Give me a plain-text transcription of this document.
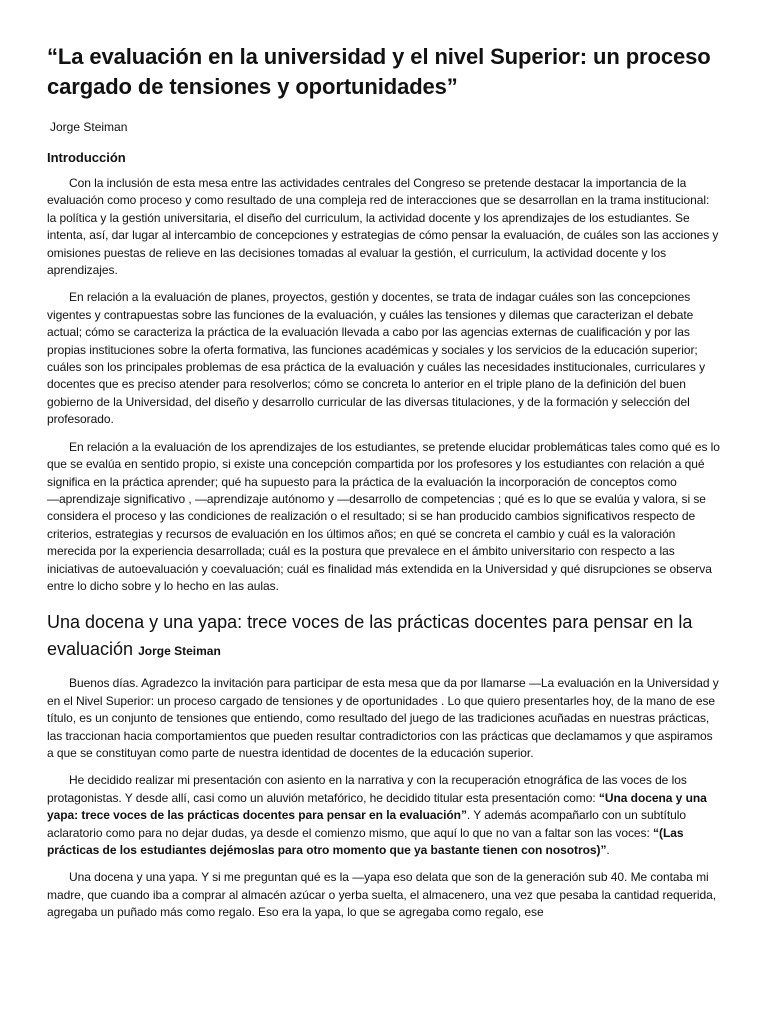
“La evaluación en la universidad y el nivel Superior: un proceso cargado de tensiones y oportunidades”
Jorge Steiman
Introducción

Con la inclusión de esta mesa entre las actividades centrales del Congreso se pretende destacar la importancia de la evaluación como proceso y como resultado de una compleja red de interacciones que se desarrollan en la trama institucional: la política y la gestión universitaria, el diseño del curriculum, la actividad docente y los aprendizajes de los estudiantes. Se intenta, así, dar lugar al intercambio de concepciones y estrategias de cómo pensar la evaluación, de cuáles son las acciones y omisiones puestas de relieve en las decisiones tomadas al evaluar la gestión, el curriculum, la actividad docente y los aprendizajes.

En relación a la evaluación de planes, proyectos, gestión y docentes, se trata de indagar cuáles son las concepciones vigentes y contrapuestas sobre las funciones de la evaluación, y cuáles las tensiones y dilemas que caracterizan el debate actual; cómo se caracteriza la práctica de la evaluación llevada a cabo por las agencias externas de cualificación y por las propias instituciones sobre la oferta formativa, las funciones académicas y sociales y los servicios de la educación superior; cuáles son los principales problemas de esa práctica de la evaluación y cuáles las necesidades institucionales, curriculares y docentes que es preciso atender para resolverlos; cómo se concreta lo anterior en el triple plano de la definición del buen gobierno de la Universidad, del diseño y desarrollo curricular de las diversas titulaciones, y de la formación y selección del profesorado.

En relación a la evaluación de los aprendizajes de los estudiantes, se pretende elucidar problemáticas tales como qué es lo que se evalúa en sentido propio, si existe una concepción compartida por los profesores y los estudiantes con relación a qué significa en la práctica aprender; qué ha supuesto para la práctica de la evaluación la incorporación de conceptos como ―aprendizaje significativo , ―aprendizaje autónomo y ―desarrollo de competencias ; qué es lo que se evalúa y valora, si se considera el proceso y las condiciones de realización o el resultado; si se han producido cambios significativos respecto de criterios, estrategias y recursos de evaluación en los últimos años; en qué se concreta el cambio y cuál es la valoración merecida por la experiencia desarrollada; cuál es la postura que prevalece en el ámbito universitario con respecto a las iniciativas de autoevaluación y coevaluación; cuál es finalidad más extendida en la Universidad y qué disrupciones se observa entre lo dicho sobre y lo hecho en las aulas.

Una docena y una yapa: trece voces de las prácticas docentes para pensar en la evaluación Jorge Steiman

Buenos días. Agradezco la invitación para participar de esta mesa que da por llamarse ―La evaluación en la Universidad y en el Nivel Superior: un proceso cargado de tensiones y de oportunidades . Lo que quiero presentarles hoy, de la mano de ese título, es un conjunto de tensiones que entiendo, como resultado del juego de las tradiciones acuñadas en nuestras prácticas, las traccionan hacia comportamientos que pueden resultar contradictorios con las prácticas que declamamos y que aspiramos a que se constituyan como parte de nuestra identidad de docentes de la educación superior.

He decidido realizar mi presentación con asiento en la narrativa y con la recuperación etnográfica de las voces de los protagonistas. Y desde allí, casi como un aluvión metafórico, he decidido titular esta presentación como: “Una docena y una yapa: trece voces de las prácticas docentes para pensar en la evaluación”. Y además acompañarlo con un subtítulo aclaratorio como para no dejar dudas, ya desde el comienzo mismo, que aquí lo que no van a faltar son las voces: “(Las prácticas de los estudiantes dejémoslas para otro momento que ya bastante tienen con nosotros)”.

Una docena y una yapa. Y si me preguntan qué es la ―yapa eso delata que son de la generación sub 40. Me contaba mi madre, que cuando iba a comprar al almacén azúcar o yerba suelta, el almacenero, una vez que pesaba la cantidad requerida, agregaba un puñado más como regalo. Eso era la yapa, lo que se agregaba como regalo, ese
